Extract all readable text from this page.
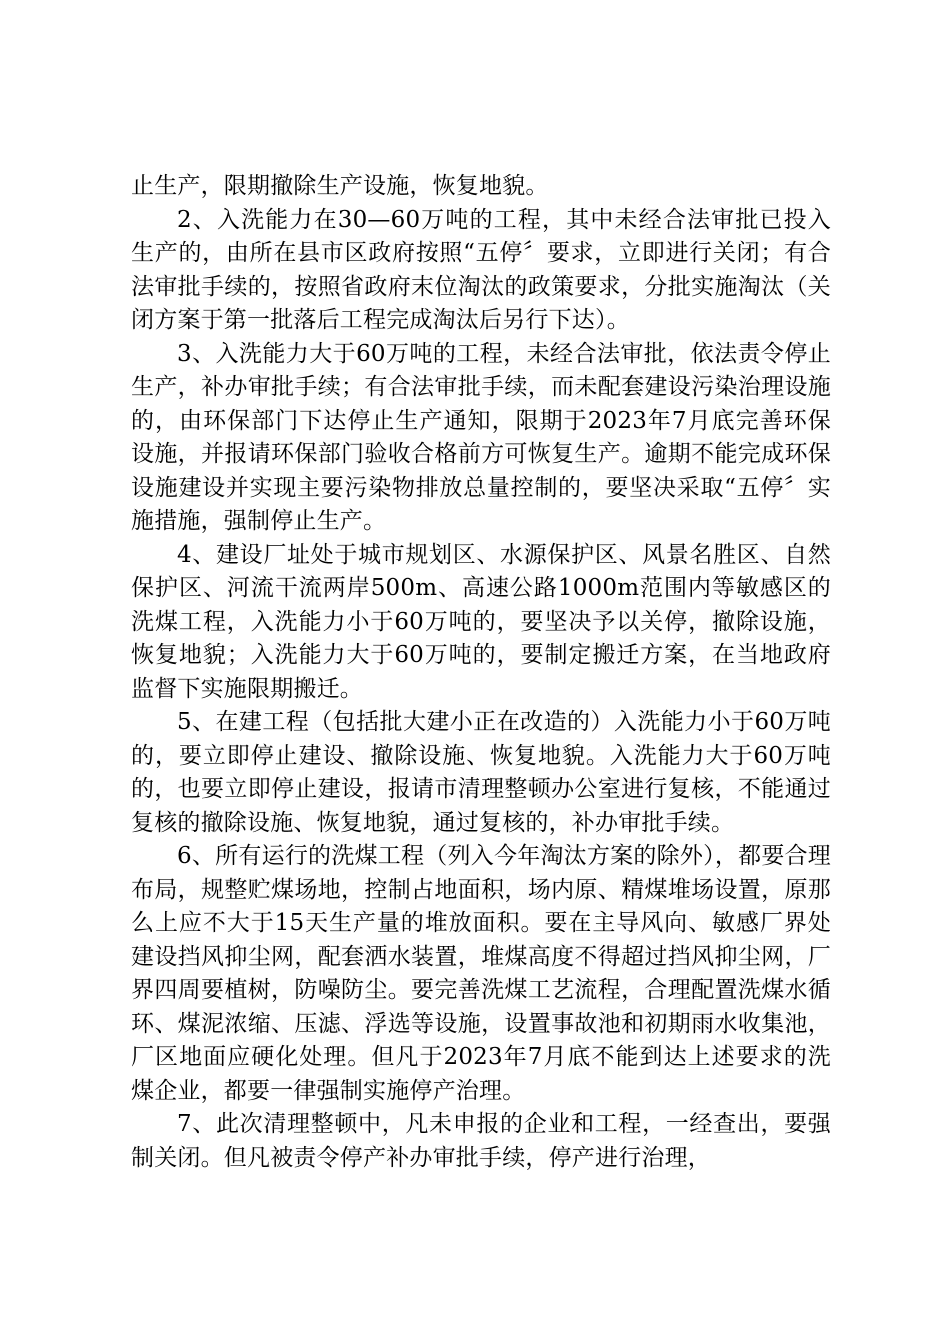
止生产，限期撤除生产设施，恢复地貌。

2、入洗能力在30—60万吨的工程，其中未经合法审批已投入生产的，由所在县市区政府按照“五停〞要求，立即进行关闭；有合法审批手续的，按照省政府末位淘汰的政策要求，分批实施淘汰（关闭方案于第一批落后工程完成淘汰后另行下达）。

3、入洗能力大于60万吨的工程，未经合法审批，依法责令停止生产，补办审批手续；有合法审批手续，而未配套建设污染治理设施的，由环保部门下达停止生产通知，限期于2023年7月底完善环保设施，并报请环保部门验收合格前方可恢复生产。逾期不能完成环保设施建设并实现主要污染物排放总量控制的，要坚决采取“五停〞实施措施，强制停止生产。

4、建设厂址处于城市规划区、水源保护区、风景名胜区、自然保护区、河流干流两岸500m、高速公路1000m范围内等敏感区的洗煤工程，入洗能力小于60万吨的，要坚决予以关停，撤除设施，恢复地貌；入洗能力大于60万吨的，要制定搬迁方案，在当地政府监督下实施限期搬迁。

5、在建工程（包括批大建小正在改造的）入洗能力小于60万吨的，要立即停止建设、撤除设施、恢复地貌。入洗能力大于60万吨的，也要立即停止建设，报请市清理整顿办公室进行复核，不能通过复核的撤除设施、恢复地貌，通过复核的，补办审批手续。

6、所有运行的洗煤工程（列入今年淘汰方案的除外），都要合理布局，规整贮煤场地，控制占地面积，场内原、精煤堆场设置，原那么上应不大于15天生产量的堆放面积。要在主导风向、敏感厂界处建设挡风抑尘网，配套洒水装置，堆煤高度不得超过挡风抑尘网，厂界四周要植树，防噪防尘。要完善洗煤工艺流程，合理配置洗煤水循环、煤泥浓缩、压滤、浮选等设施，设置事故池和初期雨水收集池，厂区地面应硬化处理。但凡于2023年7月底不能到达上述要求的洗煤企业，都要一律强制实施停产治理。

7、此次清理整顿中，凡未申报的企业和工程，一经查出，要强制关闭。但凡被责令停产补办审批手续，停产进行治理，
